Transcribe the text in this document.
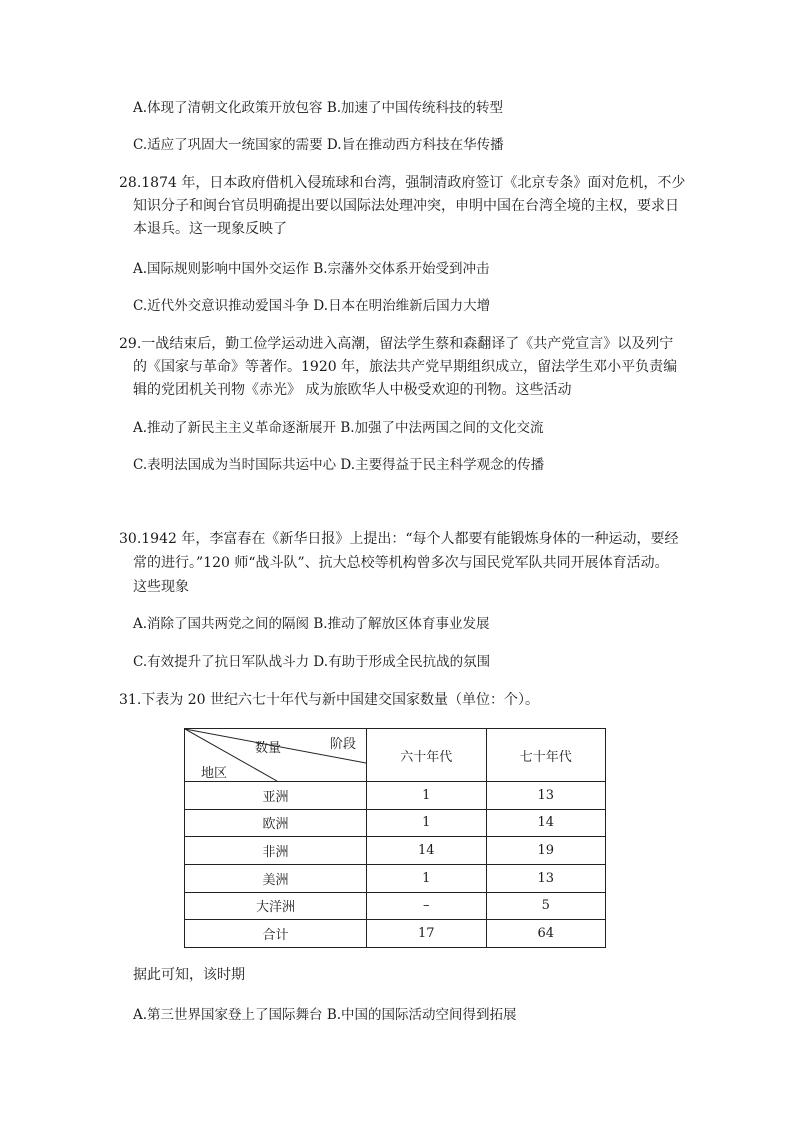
A.体现了清朝文化政策开放包容 B.加速了中国传统科技的转型
C.适应了巩固大一统国家的需要 D.旨在推动西方科技在华传播
28.1874 年，日本政府借机入侵琉球和台湾，强制清政府签订《北京专条》面对危机，不少
知识分子和闽台官员明确提出要以国际法处理冲突，申明中国在台湾全境的主权，要求日
本退兵。这一现象反映了
A.国际规则影响中国外交运作 B.宗藩外交体系开始受到冲击
C.近代外交意识推动爱国斗争 D.日本在明治维新后国力大增
29.一战结束后，勤工俭学运动进入高潮，留法学生蔡和森翻译了《共产党宣言》以及列宁
的《国家与革命》等著作。1920 年，旅法共产党早期组织成立，留法学生邓小平负责编
辑的党团机关刊物《赤光》 成为旅欧华人中极受欢迎的刊物。这些活动
A.推动了新民主主义革命逐渐展开 B.加强了中法两国之间的文化交流
C.表明法国成为当时国际共运中心 D.主要得益于民主科学观念的传播
30.1942 年，李富春在《新华日报》上提出：“每个人都要有能锻炼身体的一种运动，要经
常的进行。”120 师“战斗队”、抗大总校等机构曾多次与国民党军队共同开展体育活动。
这些现象
A.消除了国共两党之间的隔阂 B.推动了解放区体育事业发展
C.有效提升了抗日军队战斗力 D.有助于形成全民抗战的氛围
31.下表为 20 世纪六七十年代与新中国建交国家数量（单位：个）。
数量 阶段
地区	六十年代	七十年代
亚洲	1	13
欧洲	1	14
非洲	14	19
美洲	1	13
大洋洲	–	5
合计	17	64
据此可知，该时期
A.第三世界国家登上了国际舞台 B.中国的国际活动空间得到拓展
